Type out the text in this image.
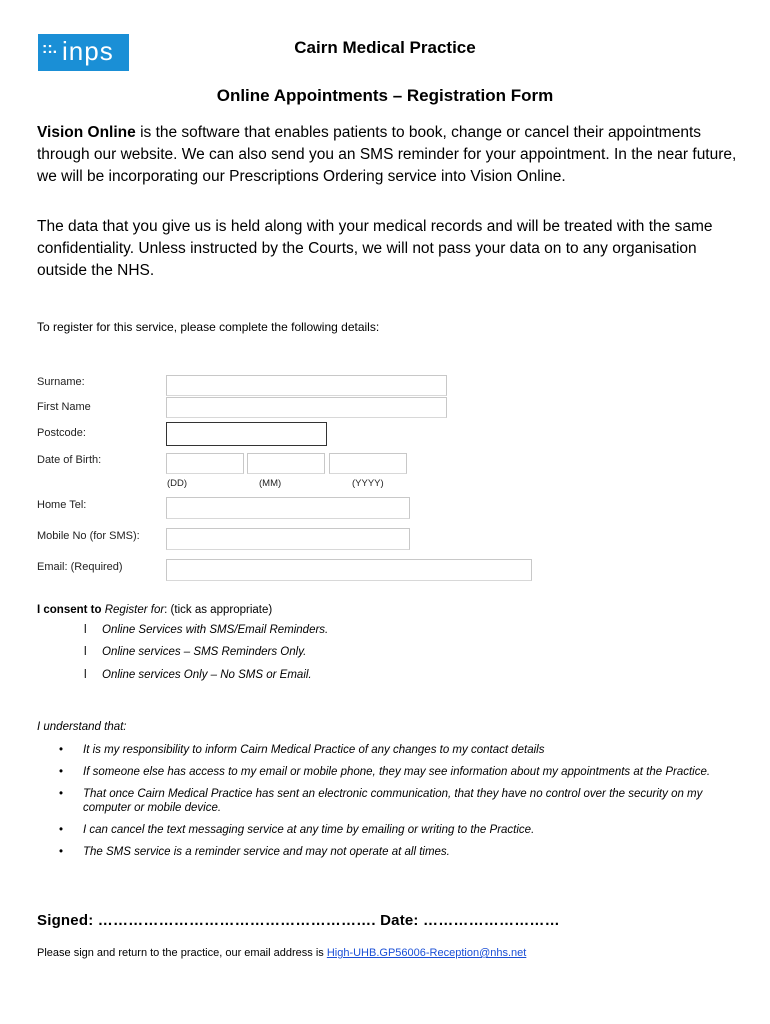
::. inps	Cairn Medical Practice
Online Appointments – Registration Form
Vision Online is the software that enables patients to book, change or cancel their appointments through our website. We can also send you an SMS reminder for your appointment. In the near future, we will be incorporating our Prescriptions Ordering service into Vision Online.
The data that you give us is held along with your medical records and will be treated with the same confidentiality. Unless instructed by the Courts, we will not pass your data on to any organisation outside the NHS.
To register for this service, please complete the following details:
Surname:
First Name
Postcode:
Date of Birth:
(DD)	(MM)	(YYYY)
Home Tel:
Mobile No (for SMS):
Email: (Required)
I consent to Register for: (tick as appropriate)
l Online Services with SMS/Email Reminders.
l Online services – SMS Reminders Only.
l Online services Only – No SMS or Email.
I understand that:
• It is my responsibility to inform Cairn Medical Practice of any changes to my contact details
• If someone else has access to my email or mobile phone, they may see information about my appointments at the Practice.
• That once Cairn Medical Practice has sent an electronic communication, that they have no control over the security on my computer or mobile device.
• I can cancel the text messaging service at any time by emailing or writing to the Practice.
• The SMS service is a reminder service and may not operate at all times.
Signed: ………………………………………………. Date: ………………………
Please sign and return to the practice, our email address is High-UHB.GP56006-Reception@nhs.net
